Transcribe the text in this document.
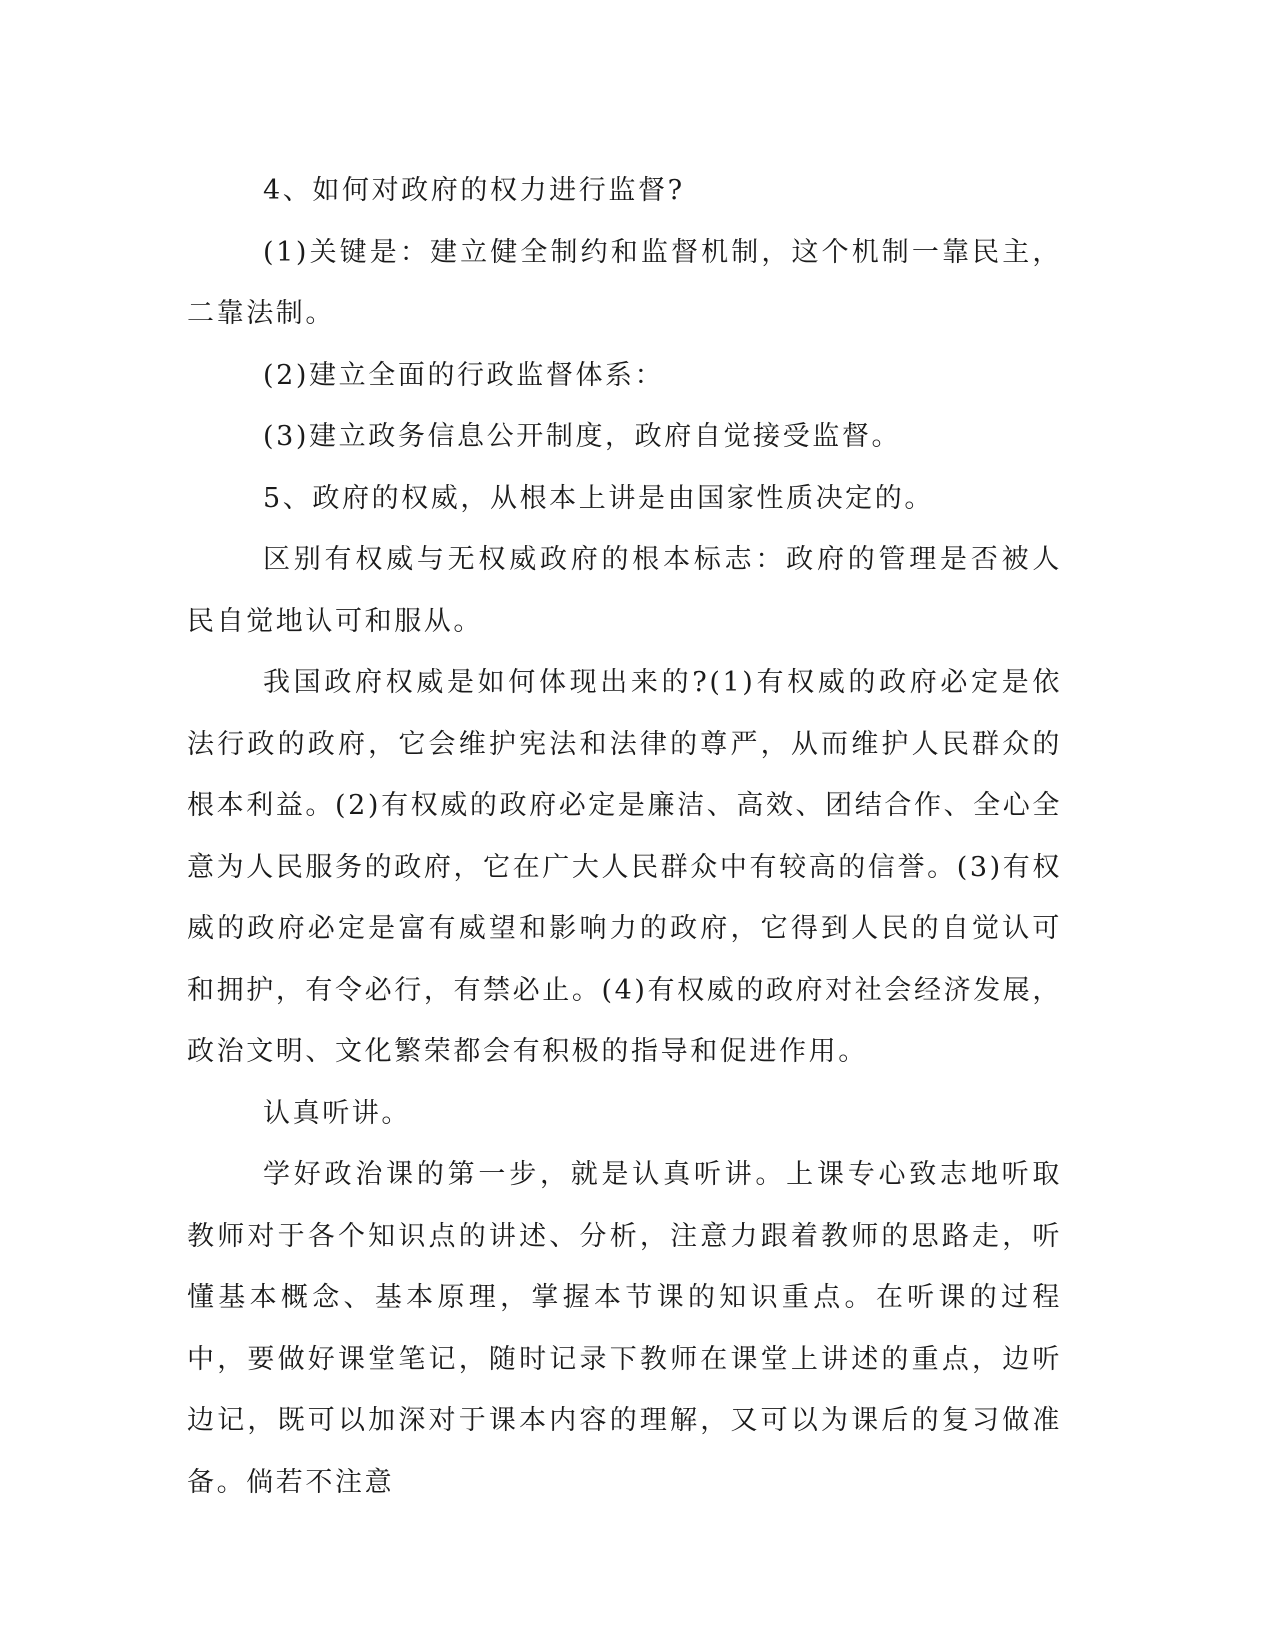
4、如何对政府的权力进行监督?

(1)关键是：建立健全制约和监督机制，这个机制一靠民主，二靠法制。

(2)建立全面的行政监督体系：

(3)建立政务信息公开制度，政府自觉接受监督。

5、政府的权威，从根本上讲是由国家性质决定的。

区别有权威与无权威政府的根本标志：政府的管理是否被人民自觉地认可和服从。

我国政府权威是如何体现出来的?(1)有权威的政府必定是依法行政的政府，它会维护宪法和法律的尊严，从而维护人民群众的根本利益。(2)有权威的政府必定是廉洁、高效、团结合作、全心全意为人民服务的政府，它在广大人民群众中有较高的信誉。(3)有权威的政府必定是富有威望和影响力的政府，它得到人民的自觉认可和拥护，有令必行，有禁必止。(4)有权威的政府对社会经济发展，政治文明、文化繁荣都会有积极的指导和促进作用。

认真听讲。

学好政治课的第一步，就是认真听讲。上课专心致志地听取教师对于各个知识点的讲述、分析，注意力跟着教师的思路走，听懂基本概念、基本原理，掌握本节课的知识重点。在听课的过程中，要做好课堂笔记，随时记录下教师在课堂上讲述的重点，边听边记，既可以加深对于课本内容的理解，又可以为课后的复习做准备。倘若不注意
